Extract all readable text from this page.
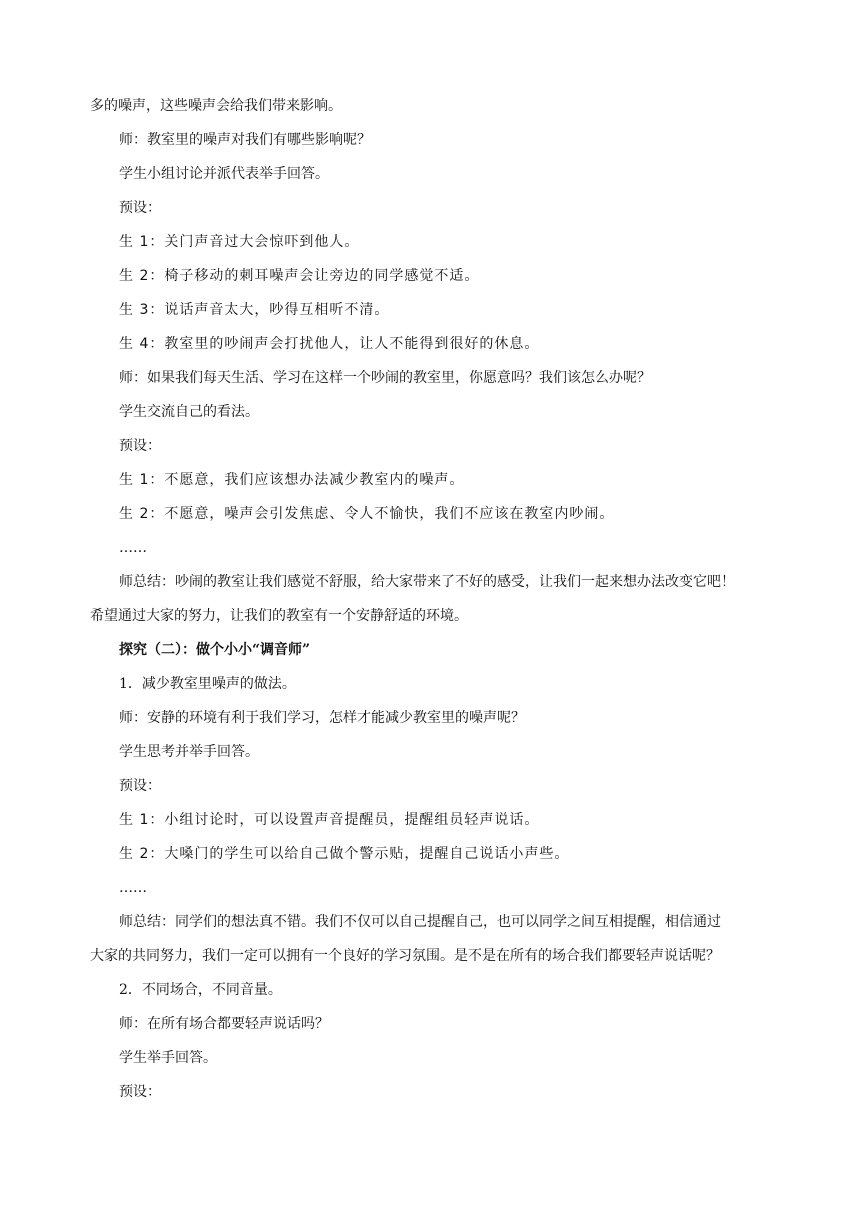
多的噪声，这些噪声会给我们带来影响。
师：教室里的噪声对我们有哪些影响呢？
学生小组讨论并派代表举手回答。
预设：
生 1：关门声音过大会惊吓到他人。
生 2：椅子移动的刺耳噪声会让旁边的同学感觉不适。
生 3：说话声音太大，吵得互相听不清。
生 4：教室里的吵闹声会打扰他人，让人不能得到很好的休息。
师：如果我们每天生活、学习在这样一个吵闹的教室里，你愿意吗？我们该怎么办呢？
学生交流自己的看法。
预设：
生 1：不愿意，我们应该想办法减少教室内的噪声。
生 2：不愿意，噪声会引发焦虑、令人不愉快，我们不应该在教室内吵闹。
……
师总结：吵闹的教室让我们感觉不舒服，给大家带来了不好的感受，让我们一起来想办法改变它吧！
希望通过大家的努力，让我们的教室有一个安静舒适的环境。
探究（二）：做个小小“调音师”
1．减少教室里噪声的做法。
师：安静的环境有利于我们学习，怎样才能减少教室里的噪声呢？
学生思考并举手回答。
预设：
生 1：小组讨论时，可以设置声音提醒员，提醒组员轻声说话。
生 2：大嗓门的学生可以给自己做个警示贴，提醒自己说话小声些。
……
师总结：同学们的想法真不错。我们不仅可以自己提醒自己，也可以同学之间互相提醒，相信通过
大家的共同努力，我们一定可以拥有一个良好的学习氛围。是不是在所有的场合我们都要轻声说话呢？
2．不同场合，不同音量。
师：在所有场合都要轻声说话吗？
学生举手回答。
预设：
